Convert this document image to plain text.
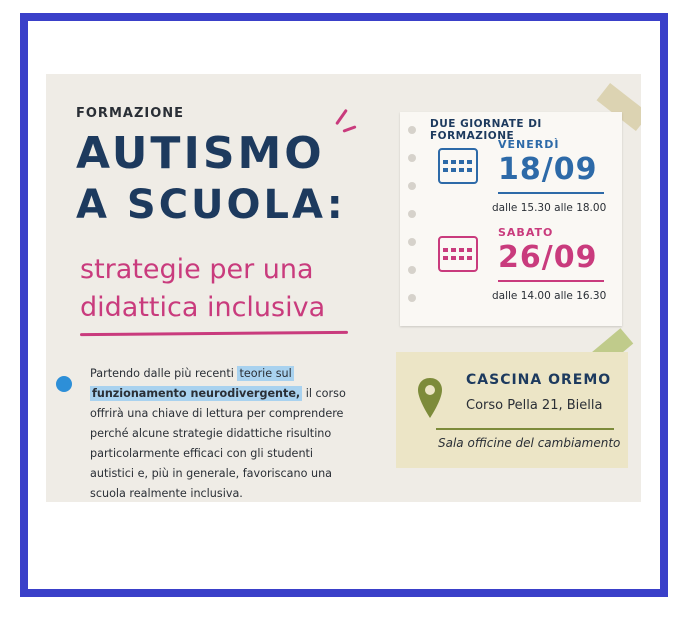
FORMAZIONE
AUTISMO
A SCUOLA:
strategie per una
didattica inclusiva
Partendo dalle più recenti teorie sul funzionamento neurodivergente, il corso offrirà una chiave di lettura per comprendere perché alcune strategie didattiche risultino particolarmente efficaci con gli studenti autistici e, più in generale, favoriscano una scuola realmente inclusiva.
DUE GIORNATE DI FORMAZIONE
VENERDÌ
18/09
dalle 15.30 alle 18.00
SABATO
26/09
dalle 14.00 alle 16.30
CASCINA OREMO
Corso Pella 21, Biella
Sala officine del cambiamento
